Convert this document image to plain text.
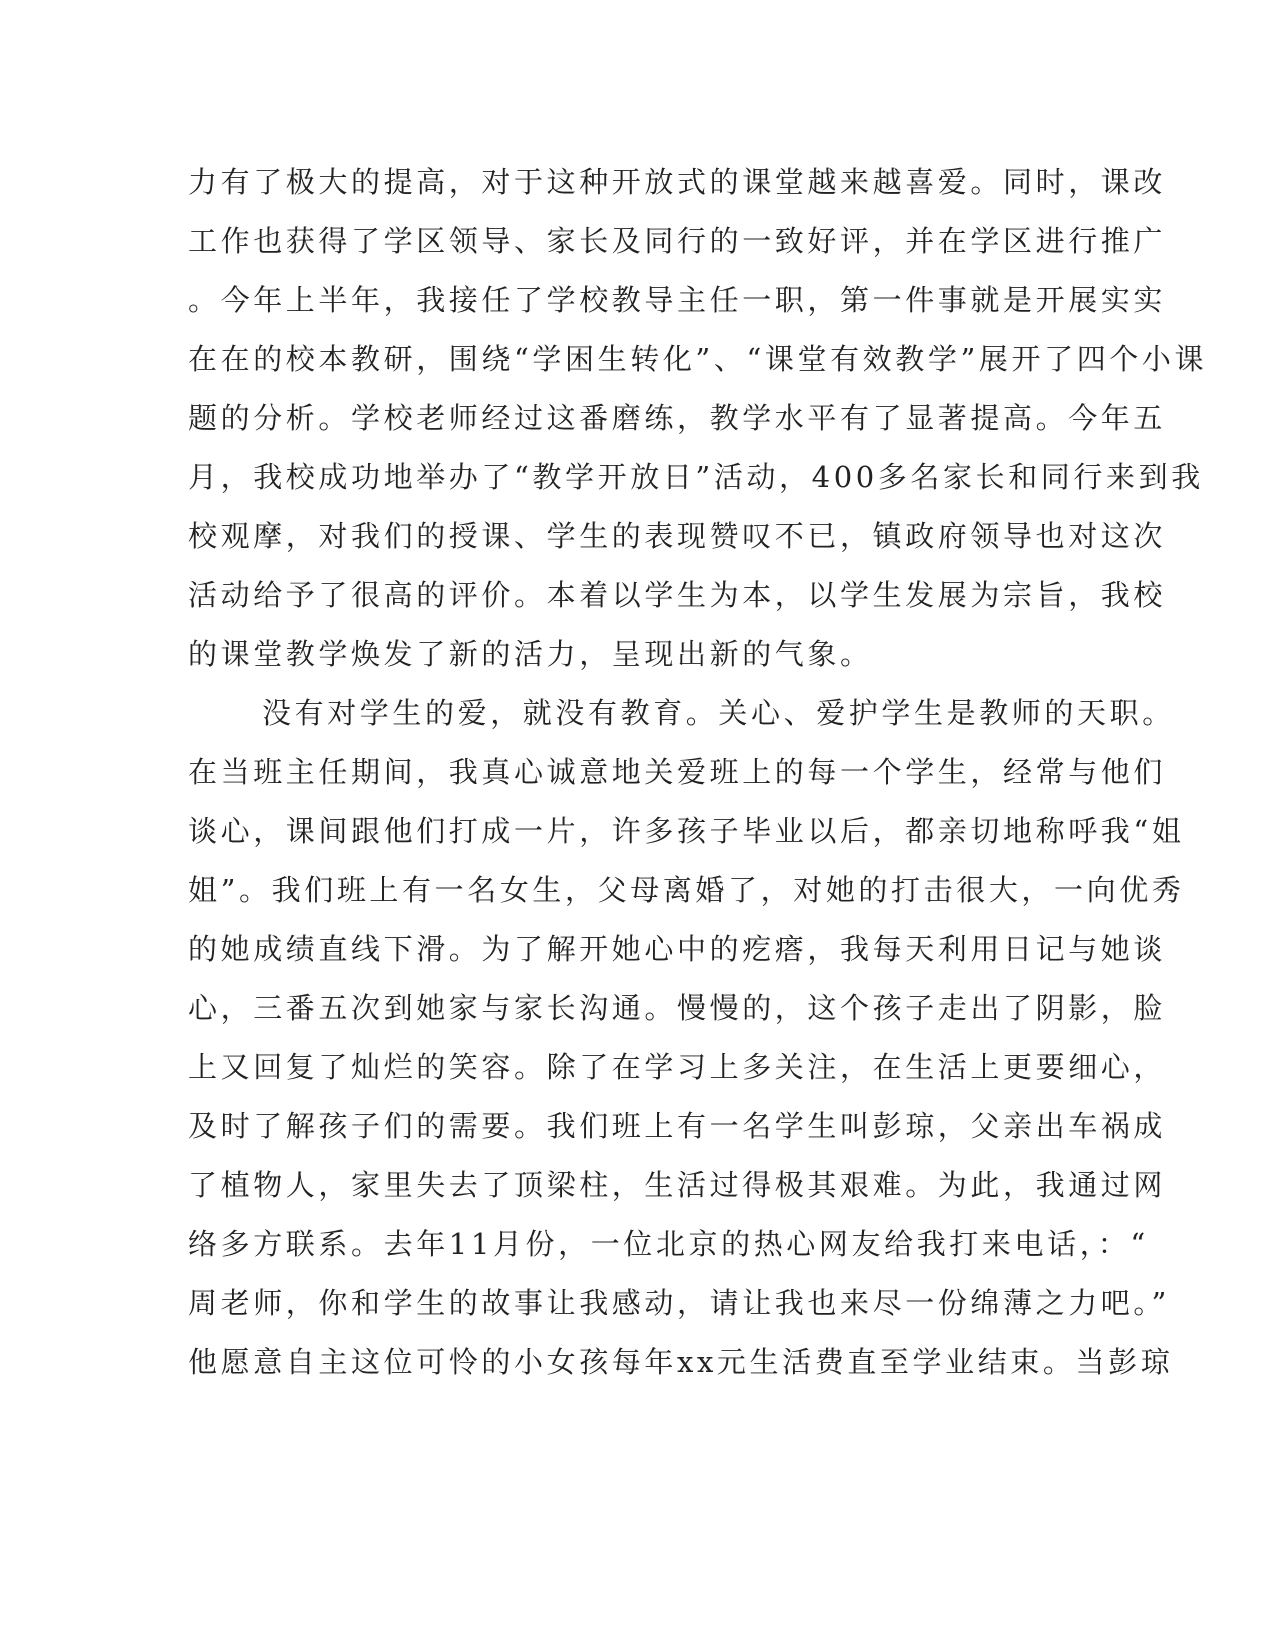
力有了极大的提高，对于这种开放式的课堂越来越喜爱。同时，课改
工作也获得了学区领导、家长及同行的一致好评，并在学区进行推广
。今年上半年，我接任了学校教导主任一职，第一件事就是开展实实
在在的校本教研，围绕“学困生转化”、“课堂有效教学”展开了四个小课
题的分析。学校老师经过这番磨练，教学水平有了显著提高。今年五
月，我校成功地举办了“教学开放日”活动，400多名家长和同行来到我
校观摩，对我们的授课、学生的表现赞叹不已，镇政府领导也对这次
活动给予了很高的评价。本着以学生为本，以学生发展为宗旨，我校
的课堂教学焕发了新的活力，呈现出新的气象。
没有对学生的爱，就没有教育。关心、爱护学生是教师的天职。
在当班主任期间，我真心诚意地关爱班上的每一个学生，经常与他们
谈心，课间跟他们打成一片，许多孩子毕业以后，都亲切地称呼我“姐
姐”。我们班上有一名女生，父母离婚了，对她的打击很大，一向优秀
的她成绩直线下滑。为了解开她心中的疙瘩，我每天利用日记与她谈
心，三番五次到她家与家长沟通。慢慢的，这个孩子走出了阴影，脸
上又回复了灿烂的笑容。除了在学习上多关注，在生活上更要细心，
及时了解孩子们的需要。我们班上有一名学生叫彭琼，父亲出车祸成
了植物人，家里失去了顶梁柱，生活过得极其艰难。为此，我通过网
络多方联系。去年11月份，一位北京的热心网友给我打来电话，：“
周老师，你和学生的故事让我感动，请让我也来尽一份绵薄之力吧。”
他愿意自主这位可怜的小女孩每年xx元生活费直至学业结束。当彭琼
